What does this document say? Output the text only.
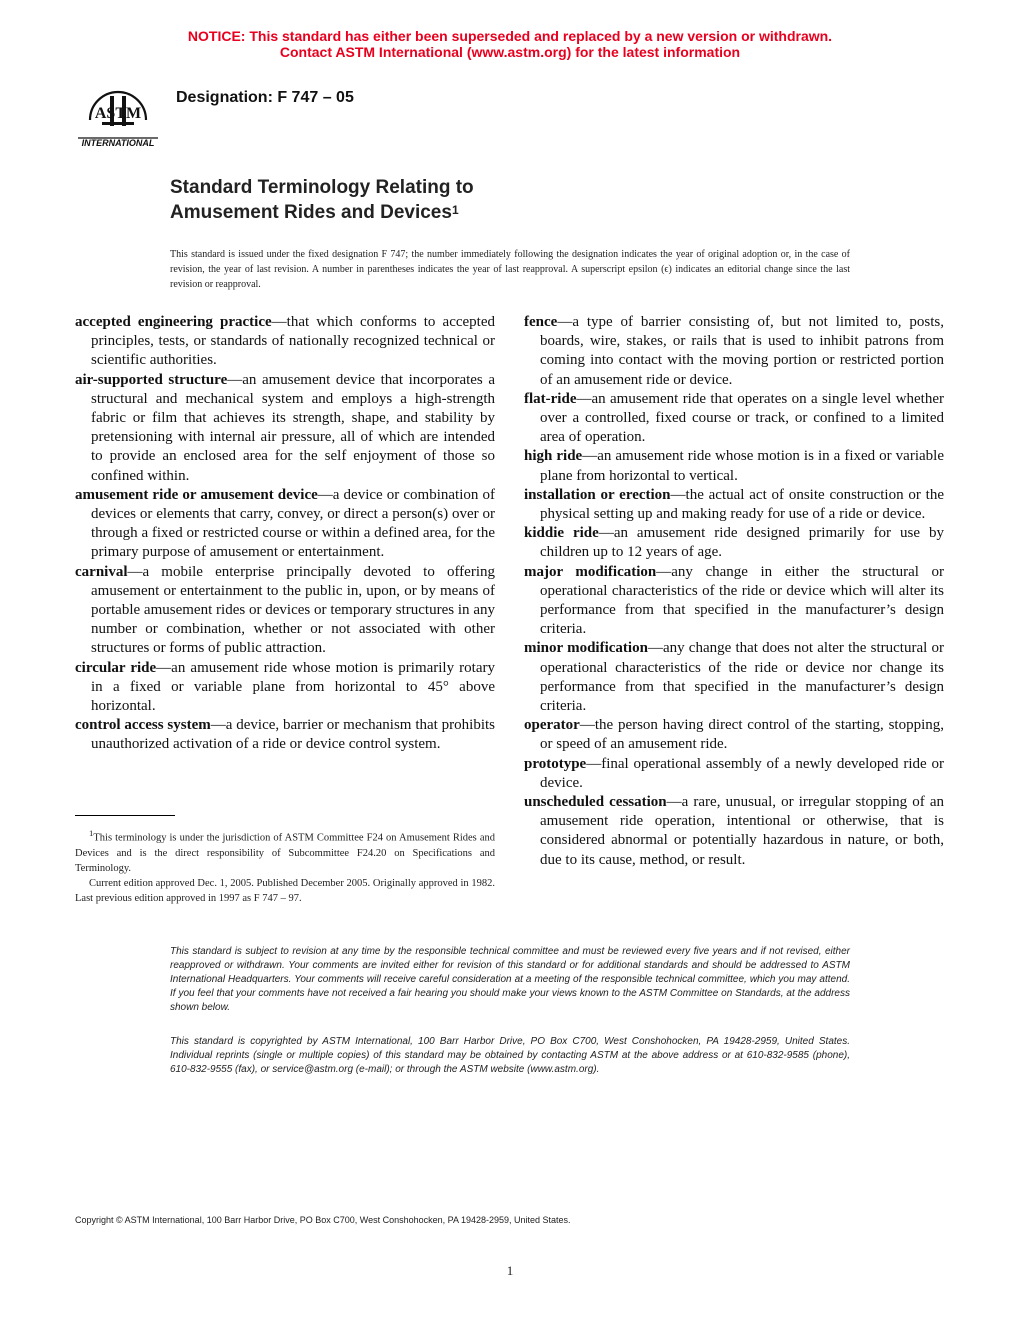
NOTICE: This standard has either been superseded and replaced by a new version or withdrawn.
Contact ASTM International (www.astm.org) for the latest information
ASTM
INTERNATIONAL
Designation: F 747 – 05
Standard Terminology Relating to
Amusement Rides and Devices$^1$
This standard is issued under the fixed designation F 747; the number immediately following the designation indicates the year of original adoption or, in the case of revision, the year of last revision. A number in parentheses indicates the year of last reapproval. A superscript epsilon (ϵ) indicates an editorial change since the last revision or reapproval.

accepted engineering practice—that which conforms to accepted principles, tests, or standards of nationally recognized technical or scientific authorities.

air-supported structure—an amusement device that incorporates a structural and mechanical system and employs a high-strength fabric or film that achieves its strength, shape, and stability by pretensioning with internal air pressure, all of which are intended to provide an enclosed area for the self enjoyment of those so confined within.

amusement ride or amusement device—a device or combination of devices or elements that carry, convey, or direct a person(s) over or through a fixed or restricted course or within a defined area, for the primary purpose of amusement or entertainment.

carnival—a mobile enterprise principally devoted to offering amusement or entertainment to the public in, upon, or by means of portable amusement rides or devices or temporary structures in any number or combination, whether or not associated with other structures or forms of public attraction.

circular ride—an amusement ride whose motion is primarily rotary in a fixed or variable plane from horizontal to 45° above horizontal.

control access system—a device, barrier or mechanism that prohibits unauthorized activation of a ride or device control system.

fence—a type of barrier consisting of, but not limited to, posts, boards, wire, stakes, or rails that is used to inhibit patrons from coming into contact with the moving portion or restricted portion of an amusement ride or device.

flat-ride—an amusement ride that operates on a single level whether over a controlled, fixed course or track, or confined to a limited area of operation.

high ride—an amusement ride whose motion is in a fixed or variable plane from horizontal to vertical.

installation or erection—the actual act of onsite construction or the physical setting up and making ready for use of a ride or device.

kiddie ride—an amusement ride designed primarily for use by children up to 12 years of age.

major modification—any change in either the structural or operational characteristics of the ride or device which will alter its performance from that specified in the manufacturer’s design criteria.

minor modification—any change that does not alter the structural or operational characteristics of the ride or device nor change its performance from that specified in the manufacturer’s design criteria.

operator—the person having direct control of the starting, stopping, or speed of an amusement ride.

prototype—final operational assembly of a newly developed ride or device.

unscheduled cessation—a rare, unusual, or irregular stopping of an amusement ride operation, intentional or otherwise, that is considered abnormal or potentially hazardous in nature, or both, due to its cause, method, or result.

$^1$This terminology is under the jurisdiction of ASTM Committee F24 on Amusement Rides and Devices and is the direct responsibility of Subcommittee F24.20 on Specifications and Terminology.

Current edition approved Dec. 1, 2005. Published December 2005. Originally approved in 1982. Last previous edition approved in 1997 as F 747 – 97.

This standard is subject to revision at any time by the responsible technical committee and must be reviewed every five years and if not revised, either reapproved or withdrawn. Your comments are invited either for revision of this standard or for additional standards and should be addressed to ASTM International Headquarters. Your comments will receive careful consideration at a meeting of the responsible technical committee, which you may attend. If you feel that your comments have not received a fair hearing you should make your views known to the ASTM Committee on Standards, at the address shown below.
This standard is copyrighted by ASTM International, 100 Barr Harbor Drive, PO Box C700, West Conshohocken, PA 19428-2959, United States. Individual reprints (single or multiple copies) of this standard may be obtained by contacting ASTM at the above address or at 610-832-9585 (phone), 610-832-9555 (fax), or service@astm.org (e-mail); or through the ASTM website (www.astm.org).
Copyright © ASTM International, 100 Barr Harbor Drive, PO Box C700, West Conshohocken, PA 19428-2959, United States.
1
